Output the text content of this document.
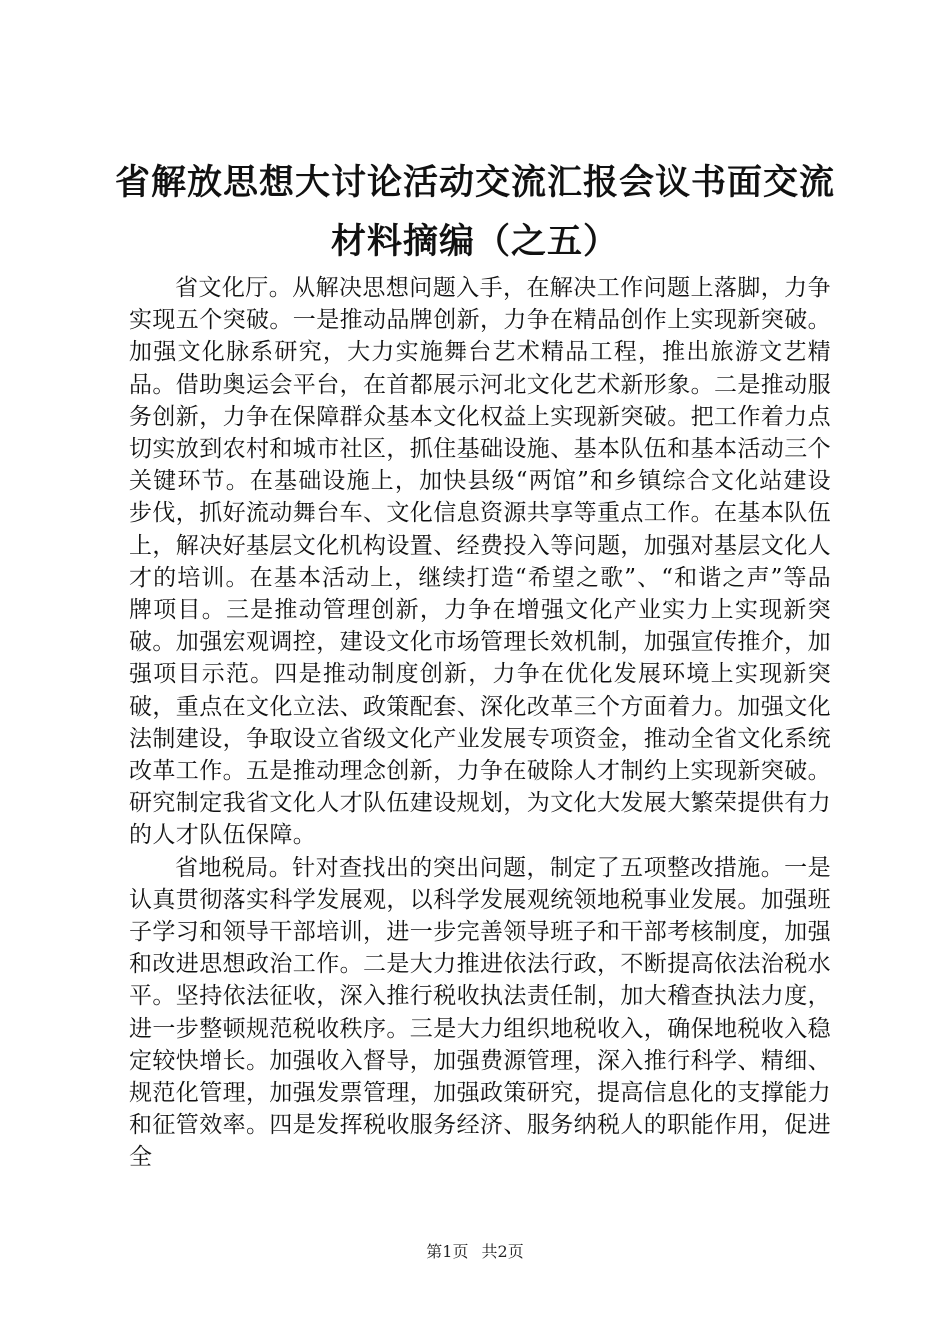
省解放思想大讨论活动交流汇报会议书面交流
材料摘编（之五）

省文化厅。从解决思想问题入手，在解决工作问题上落脚，力争实现五个突破。一是推动品牌创新，力争在精品创作上实现新突破。加强文化脉系研究，大力实施舞台艺术精品工程，推出旅游文艺精品。借助奥运会平台，在首都展示河北文化艺术新形象。二是推动服务创新，力争在保障群众基本文化权益上实现新突破。把工作着力点切实放到农村和城市社区，抓住基础设施、基本队伍和基本活动三个关键环节。在基础设施上，加快县级“两馆”和乡镇综合文化站建设步伐，抓好流动舞台车、文化信息资源共享等重点工作。在基本队伍上，解决好基层文化机构设置、经费投入等问题，加强对基层文化人才的培训。在基本活动上，继续打造“希望之歌”、“和谐之声”等品牌项目。三是推动管理创新，力争在增强文化产业实力上实现新突破。加强宏观调控，建设文化市场管理长效机制，加强宣传推介，加强项目示范。四是推动制度创新，力争在优化发展环境上实现新突破，重点在文化立法、政策配套、深化改革三个方面着力。加强文化法制建设，争取设立省级文化产业发展专项资金，推动全省文化系统改革工作。五是推动理念创新，力争在破除人才制约上实现新突破。研究制定我省文化人才队伍建设规划，为文化大发展大繁荣提供有力的人才队伍保障。

省地税局。针对查找出的突出问题，制定了五项整改措施。一是认真贯彻落实科学发展观，以科学发展观统领地税事业发展。加强班子学习和领导干部培训，进一步完善领导班子和干部考核制度，加强和改进思想政治工作。二是大力推进依法行政，不断提高依法治税水平。坚持依法征收，深入推行税收执法责任制，加大稽查执法力度，进一步整顿规范税收秩序。三是大力组织地税收入，确保地税收入稳定较快增长。加强收入督导，加强费源管理，深入推行科学、精细、规范化管理，加强发票管理，加强政策研究，提高信息化的支撑能力和征管效率。四是发挥税收服务经济、服务纳税人的职能作用，促进全

第1页 共2页
